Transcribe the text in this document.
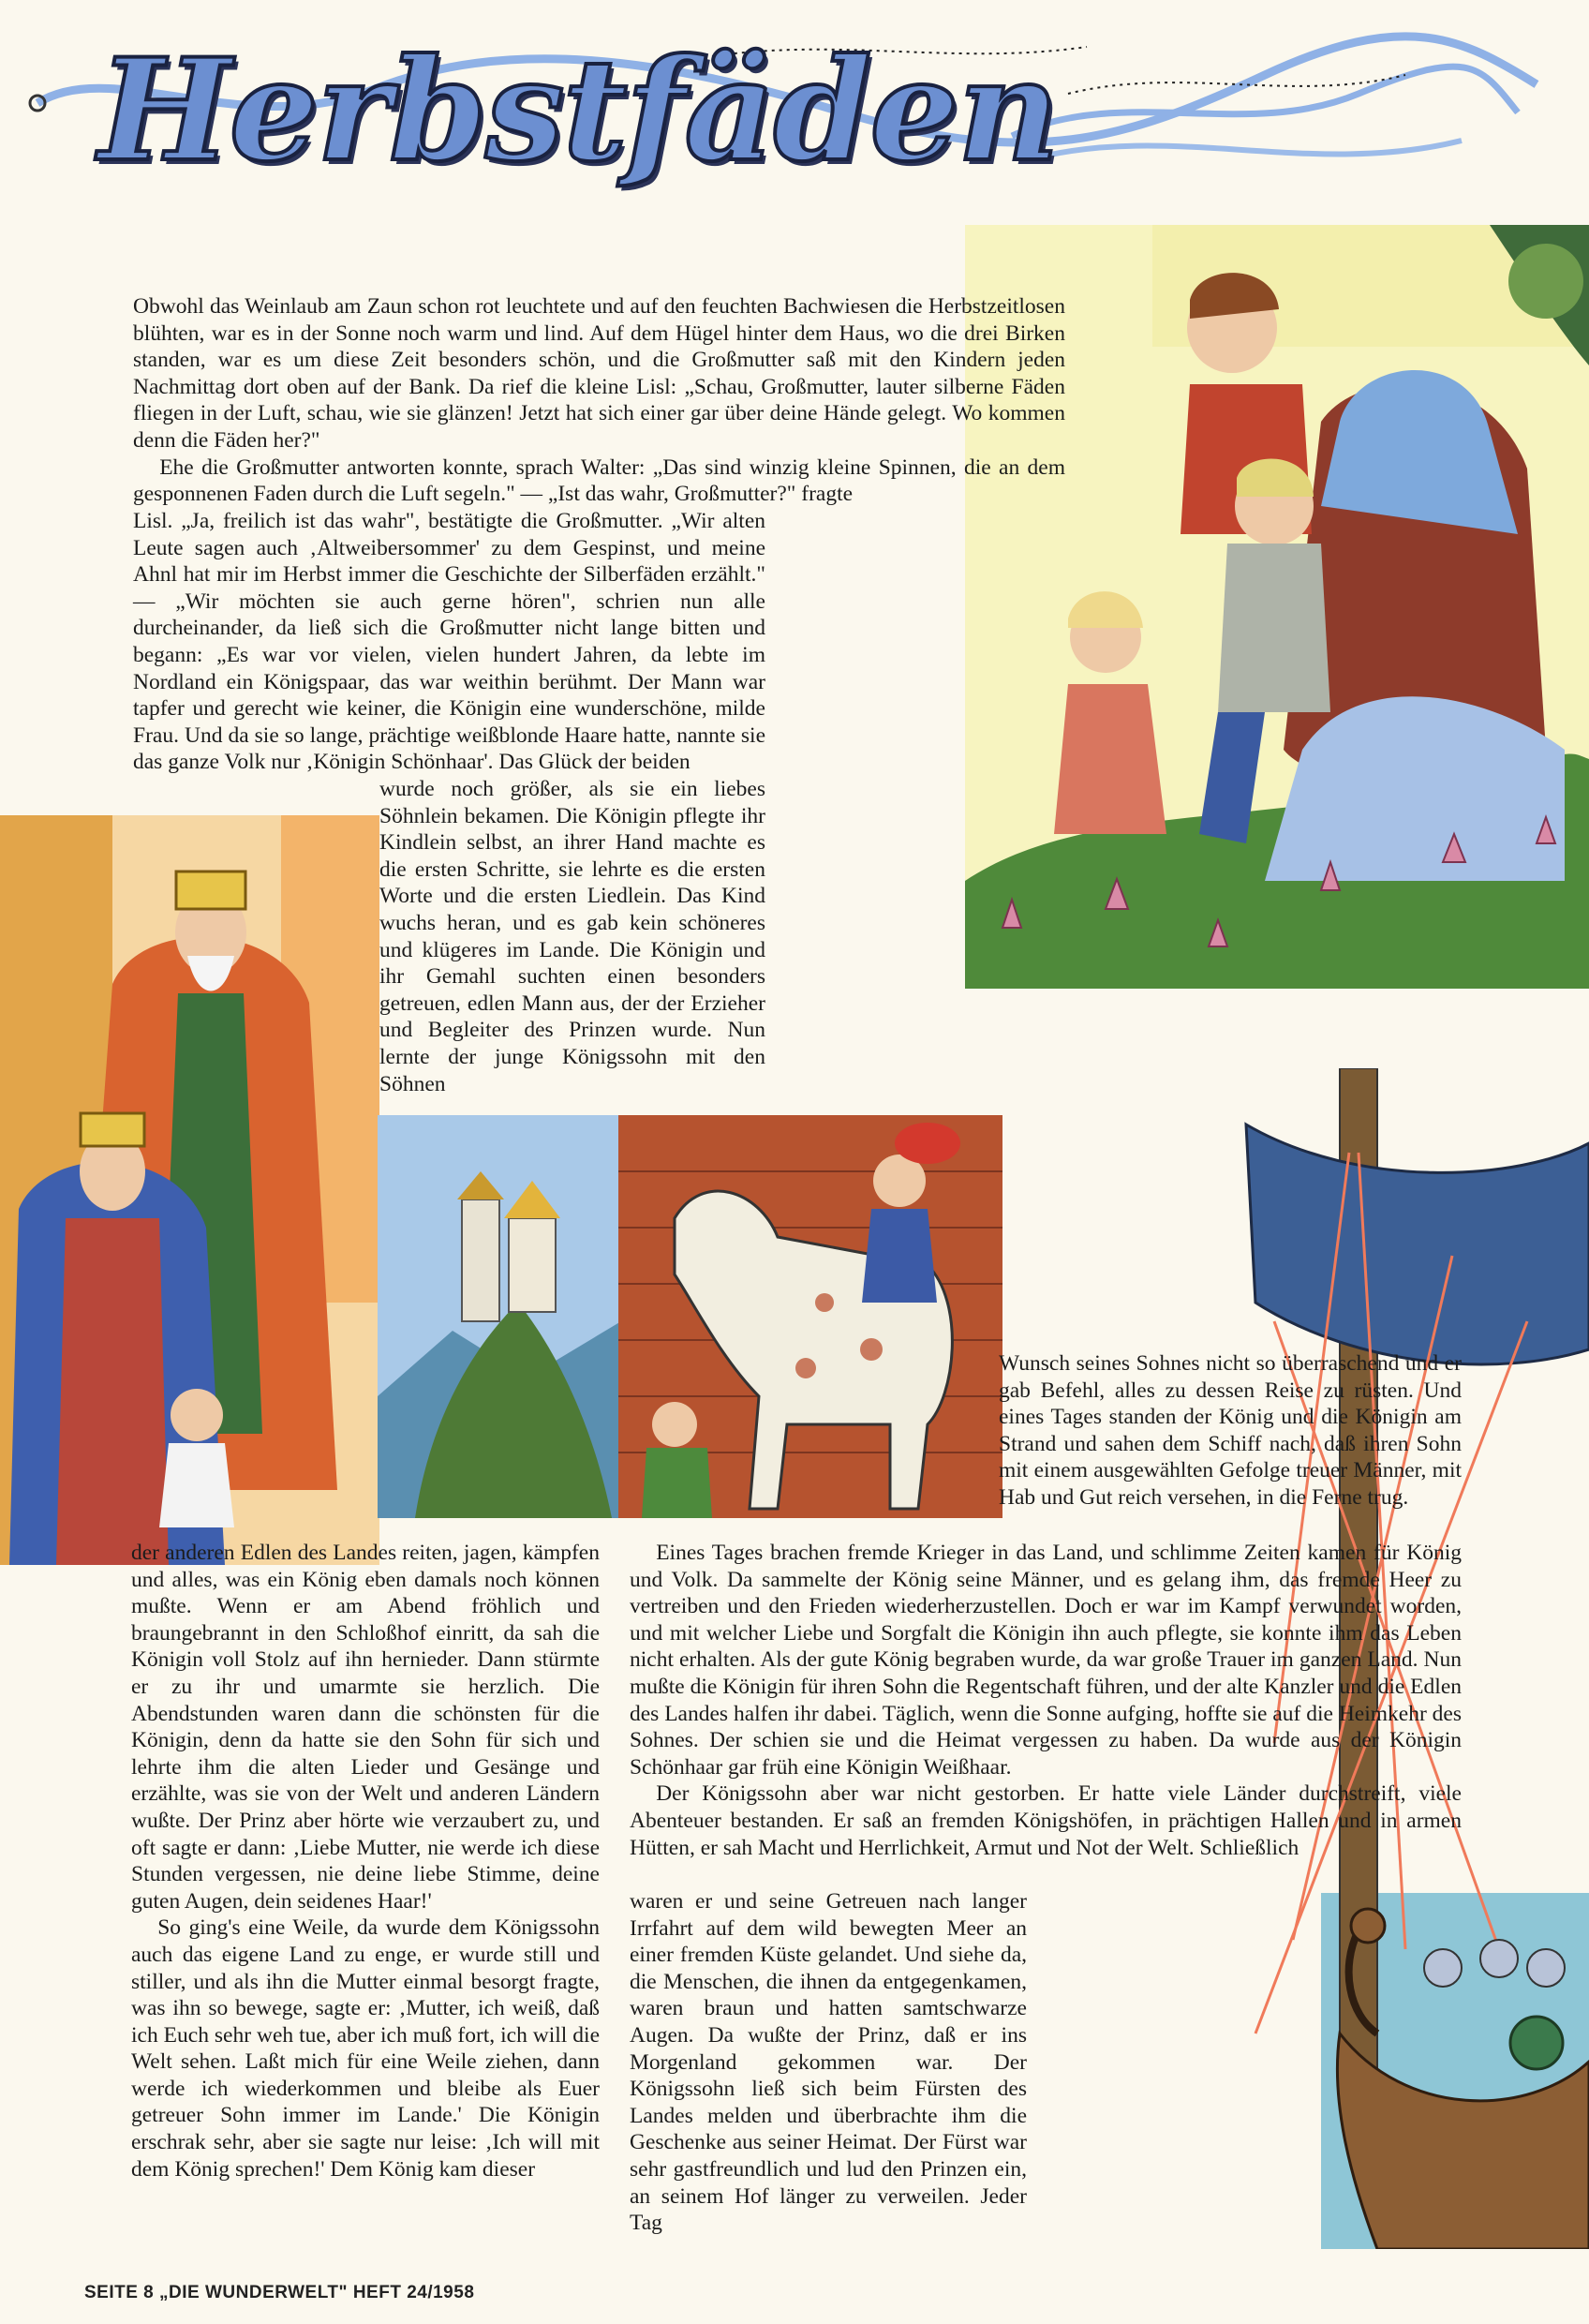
Herbstfäden

Obwohl das Weinlaub am Zaun schon rot leuchtete und auf den feuchten Bachwiesen die Herbstzeitlosen blühten, war es in der Sonne noch warm und lind. Auf dem Hügel hinter dem Haus, wo die drei Birken standen, war es um diese Zeit besonders schön, und die Großmutter saß mit den Kindern jeden Nachmittag dort oben auf der Bank. Da rief die kleine Lisl: „Schau, Großmutter, lauter silberne Fäden fliegen in der Luft, schau, wie sie glänzen! Jetzt hat sich einer gar über deine Hände gelegt. Wo kommen denn die Fäden her?"

Ehe die Großmutter antworten konnte, sprach Walter: „Das sind winzig kleine Spinnen, die an dem gesponnenen Faden durch die Luft segeln." — „Ist das wahr, Großmutter?" fragte

Lisl. „Ja, freilich ist das wahr", bestätigte die Großmutter. „Wir alten Leute sagen auch ‚Altweibersommer' zu dem Gespinst, und meine Ahnl hat mir im Herbst immer die Geschichte der Silberfäden erzählt." — „Wir möchten sie auch gerne hören", schrien nun alle durcheinander, da ließ sich die Großmutter nicht lange bitten und begann: „Es war vor vielen, vielen hundert Jahren, da lebte im Nordland ein Königspaar, das war weithin berühmt. Der Mann war tapfer und gerecht wie keiner, die Königin eine wunderschöne, milde Frau. Und da sie so lange, prächtige weißblonde Haare hatte, nannte sie das ganze Volk nur ‚Königin Schönhaar'. Das Glück der beiden

wurde noch größer, als sie ein liebes Söhnlein bekamen. Die Königin pflegte ihr Kindlein selbst, an ihrer Hand machte es die ersten Schritte, sie lehrte es die ersten Worte und die ersten Liedlein. Das Kind wuchs heran, und es gab kein schöneres und klügeres im Lande. Die Königin und ihr Gemahl suchten einen besonders getreuen, edlen Mann aus, der der Erzieher und Begleiter des Prinzen wurde. Nun lernte der junge Königssohn mit den Söhnen

Wunsch seines Sohnes nicht so überraschend und er gab Befehl, alles zu dessen Reise zu rüsten. Und eines Tages standen der König und die Königin am Strand und sahen dem Schiff nach, daß ihren Sohn mit einem ausgewählten Gefolge treuer Männer, mit Hab und Gut reich versehen, in die Ferne trug.

der anderen Edlen des Landes reiten, jagen, kämpfen und alles, was ein König eben damals noch können mußte. Wenn er am Abend fröhlich und braungebrannt in den Schloßhof einritt, da sah die Königin voll Stolz auf ihn hernieder. Dann stürmte er zu ihr und umarmte sie herzlich. Die Abendstunden waren dann die schönsten für die Königin, denn da hatte sie den Sohn für sich und lehrte ihm die alten Lieder und Gesänge und erzählte, was sie von der Welt und anderen Ländern wußte. Der Prinz aber hörte wie verzaubert zu, und oft sagte er dann: ‚Liebe Mutter, nie werde ich diese Stunden vergessen, nie deine liebe Stimme, deine guten Augen, dein seidenes Haar!'

So ging's eine Weile, da wurde dem Königssohn auch das eigene Land zu enge, er wurde still und stiller, und als ihn die Mutter einmal besorgt fragte, was ihn so bewege, sagte er: ‚Mutter, ich weiß, daß ich Euch sehr weh tue, aber ich muß fort, ich will die Welt sehen. Laßt mich für eine Weile ziehen, dann werde ich wiederkommen und bleibe als Euer getreuer Sohn immer im Lande.' Die Königin erschrak sehr, aber sie sagte nur leise: ‚Ich will mit dem König sprechen!' Dem König kam dieser

Eines Tages brachen fremde Krieger in das Land, und schlimme Zeiten kamen für König und Volk. Da sammelte der König seine Männer, und es gelang ihm, das fremde Heer zu vertreiben und den Frieden wiederherzustellen. Doch er war im Kampf verwundet worden, und mit welcher Liebe und Sorgfalt die Königin ihn auch pflegte, sie konnte ihm das Leben nicht erhalten. Als der gute König begraben wurde, da war große Trauer im ganzen Land. Nun mußte die Königin für ihren Sohn die Regentschaft führen, und der alte Kanzler und die Edlen des Landes halfen ihr dabei. Täglich, wenn die Sonne aufging, hoffte sie auf die Heimkehr des Sohnes. Der schien sie und die Heimat vergessen zu haben. Da wurde aus der Königin Schönhaar gar früh eine Königin Weißhaar.

Der Königssohn aber war nicht gestorben. Er hatte viele Länder durchstreift, viele Abenteuer bestanden. Er saß an fremden Königshöfen, in prächtigen Hallen und in armen Hütten, er sah Macht und Herrlichkeit, Armut und Not der Welt. Schließlich

waren er und seine Getreuen nach langer Irrfahrt auf dem wild bewegten Meer an einer fremden Küste gelandet. Und siehe da, die Menschen, die ihnen da entgegenkamen, waren braun und hatten samtschwarze Augen. Da wußte der Prinz, daß er ins Morgenland gekommen war. Der Königssohn ließ sich beim Fürsten des Landes melden und überbrachte ihm die Geschenke aus seiner Heimat. Der Fürst war sehr gastfreundlich und lud den Prinzen ein, an seinem Hof länger zu verweilen. Jeder Tag

SEITE 8 „DIE WUNDERWELT" HEFT 24/1958
